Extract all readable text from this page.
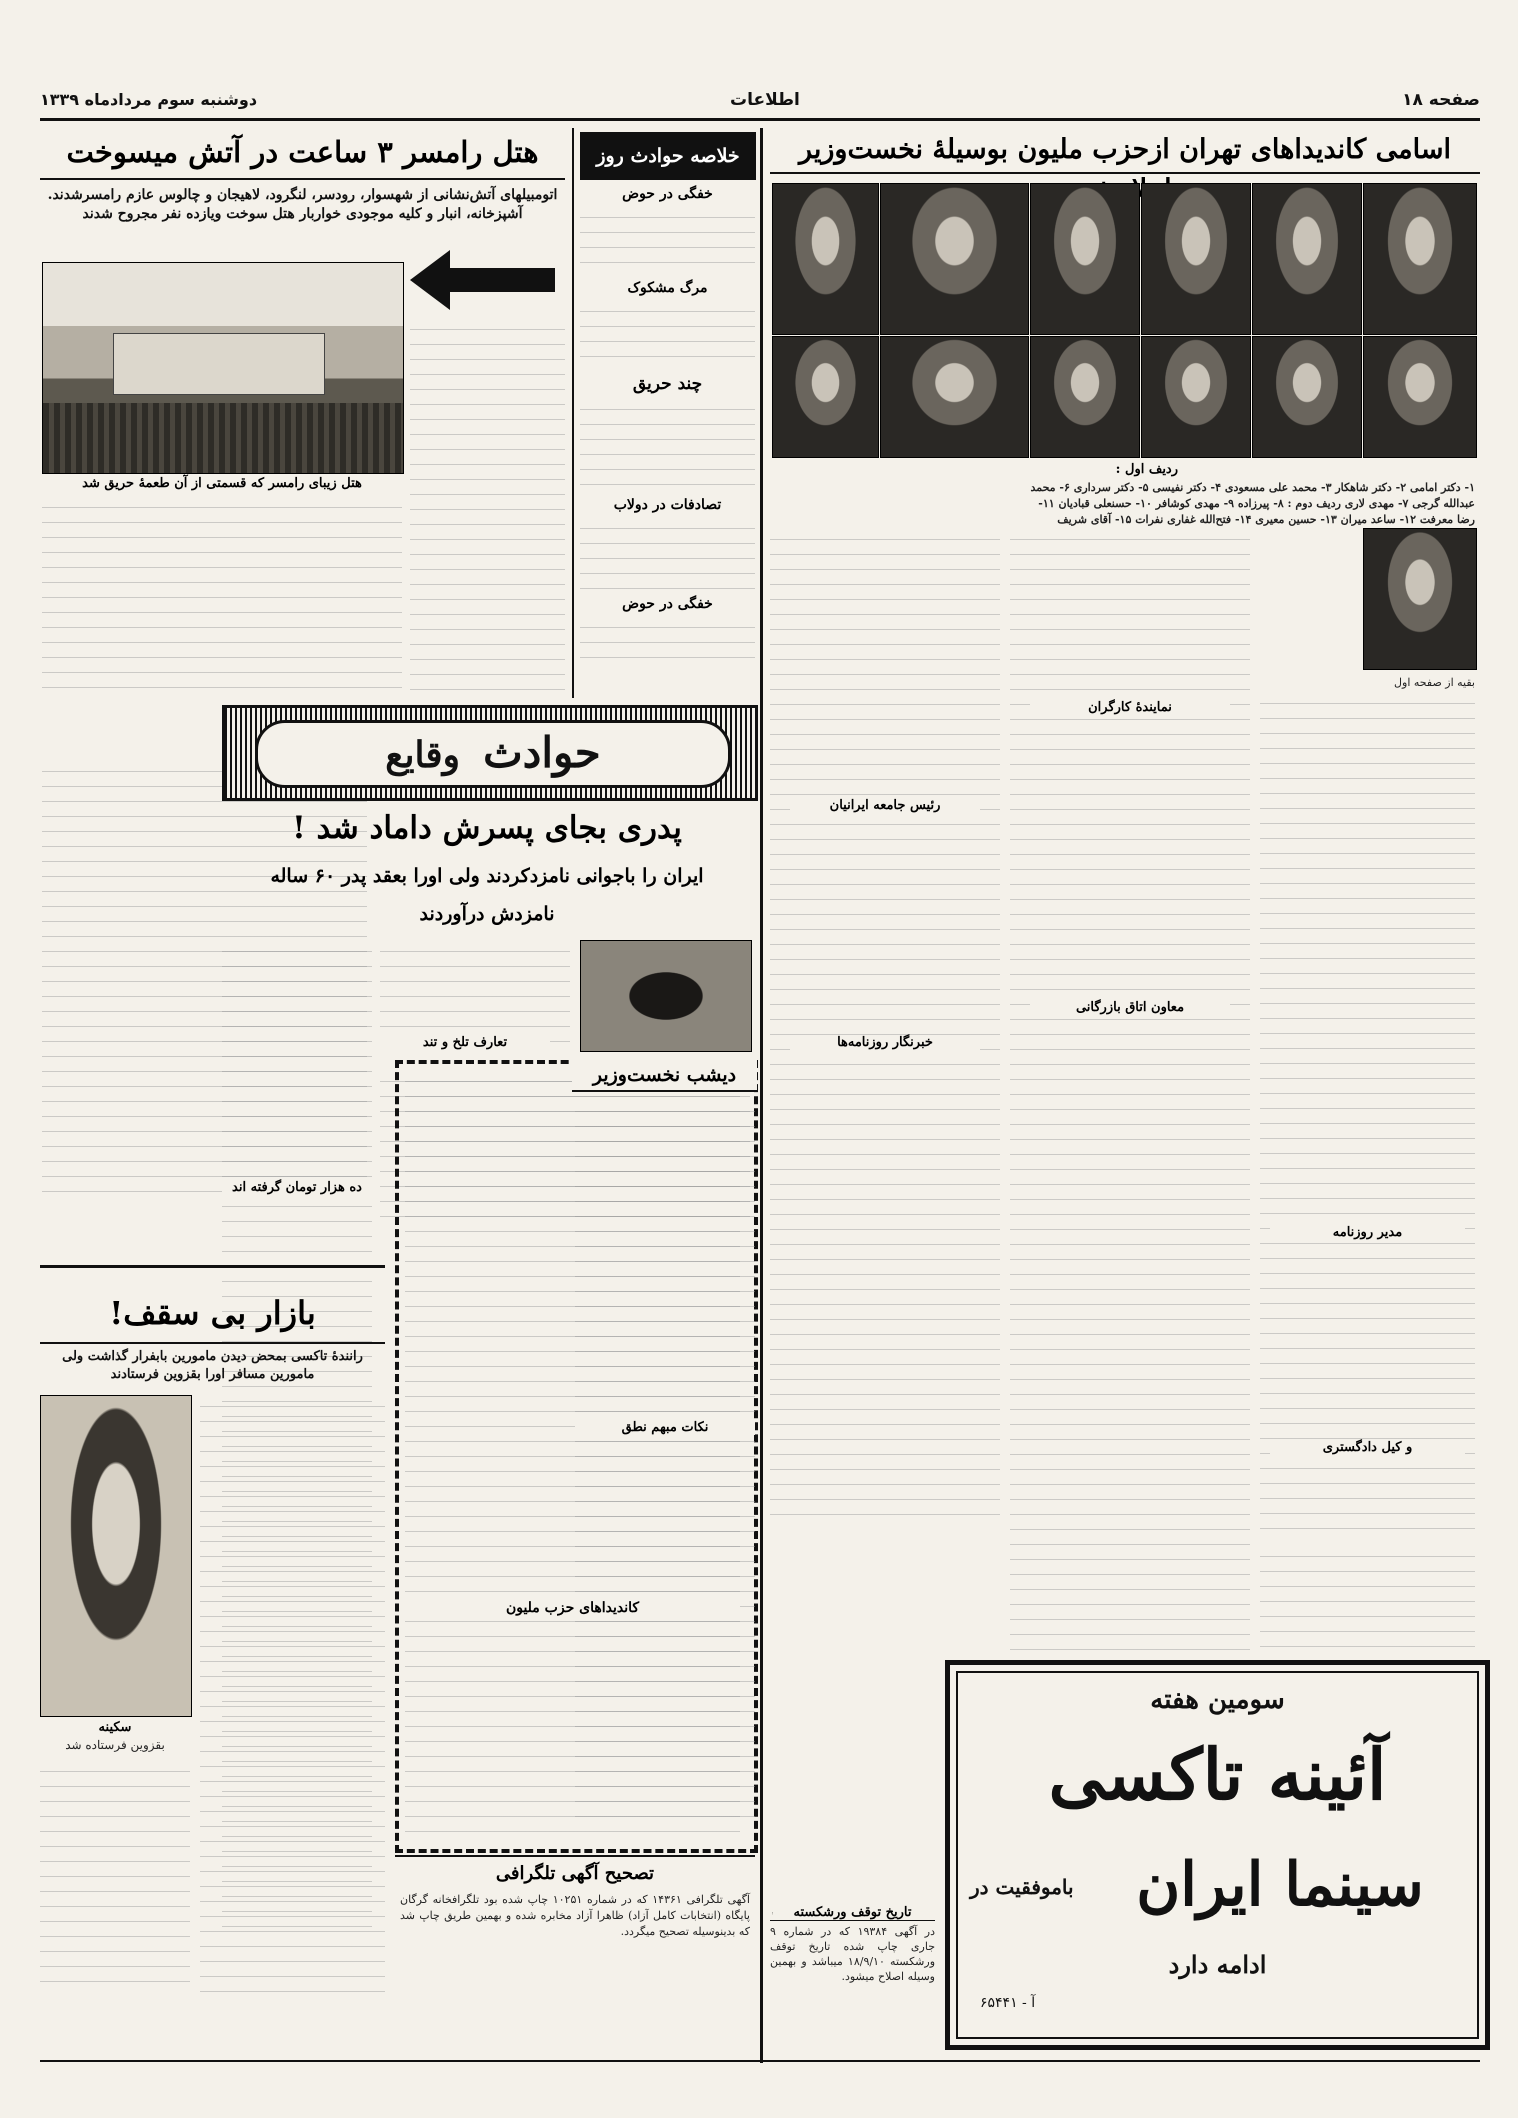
صفحه ۱۸
اطلاعات
دوشنبه سوم مردادماه ۱۳۳۹
اسامی کاندیداهای تهران ازحزب ملیون بوسیلهٔ نخست‌وزیر
ردیف اول :
۱- دکتر امامی ۲- دکتر شاهکار ۳- محمد علی مسعودی ۴- دکتر نفیسی ۵- دکتر سرداری ۶- محمد
عبدالله گرجی ۷- مهدی لاری ردیف دوم : ۸- پیرزاده ۹- مهدی کوشافر ۱۰- حسنعلی قبادیان ۱۱-
رضا معرفت ۱۲- ساعد میران ۱۳- حسین معیری ۱۴- فتح‌الله غفاری نفرات ۱۵- آقای شریف
بقیه از صفحه اول
رئیس جامعه ایرانیان
خبرنگار روزنامه‌ها
نمایندهٔ کارگران
معاون اتاق بازرگانی
و کیل دادگستری
مدیر روزنامه
هتل رامسر ۳ ساعت در آتش میسوخت
اتومبیلهای آتش‌نشانی از شهسوار، رودسر، لنگرود، لاهیجان و چالوس عازم رامسرشدند. آشپزخانه، انبار و کلیه موجودی خواربار هتل سوخت ویازده نفر مجروح شدند
هتل زیبای رامسر که قسمتی از آن طعمهٔ حریق شد
خلاصه حوادث روز
خفگی در حوض
مرگ مشکوک
چند حریق
تصادفات در دولاب
خفگی در حوض
حوادث وقایع
پدری بجای پسرش داماد شد !
ایران را باجوانی نامزدکردند ولی اورا بعقد پدر ۶۰ ساله
نامزدش درآوردند
تعارف تلخ و تند
ده هزار تومان گرفته اند
دیشب نخست‌وزیر
نکات مبهم نطق
کاندیداهای حزب ملیون
بازار بی سقف!
رانندهٔ تاکسی بمحض دیدن مامورین بابفرار گذاشت ولی مامورین مسافر اورا بقزوین فرستادند
سکینه
بقزوین فرستاده شد
تصحیح آگهی تلگرافی
آگهی تلگرافی ۱۴۳۶۱ که در شماره ۱۰۲۵۱ چاپ شده بود تلگرافخانه گرگان پایگاه (انتخابات کامل آزاد) ظاهرا آزاد مخابره شده و بهمین طریق چاپ شد که بدینوسیله تصحیح میگردد.
تاریخ
سومین هفته
آئینه تاکسی
باموفقیت در	سینما ایران
ادامه دارد
آ - ۶۵۴۴۱
تاریخ توقف ورشکسته
در آگهی ۱۹۳۸۴ که در شماره ۹ جاری چاپ شده تاریخ توقف ورشکسته ۱۸/۹/۱۰ میباشد و بهمین وسیله اصلاح میشود.
